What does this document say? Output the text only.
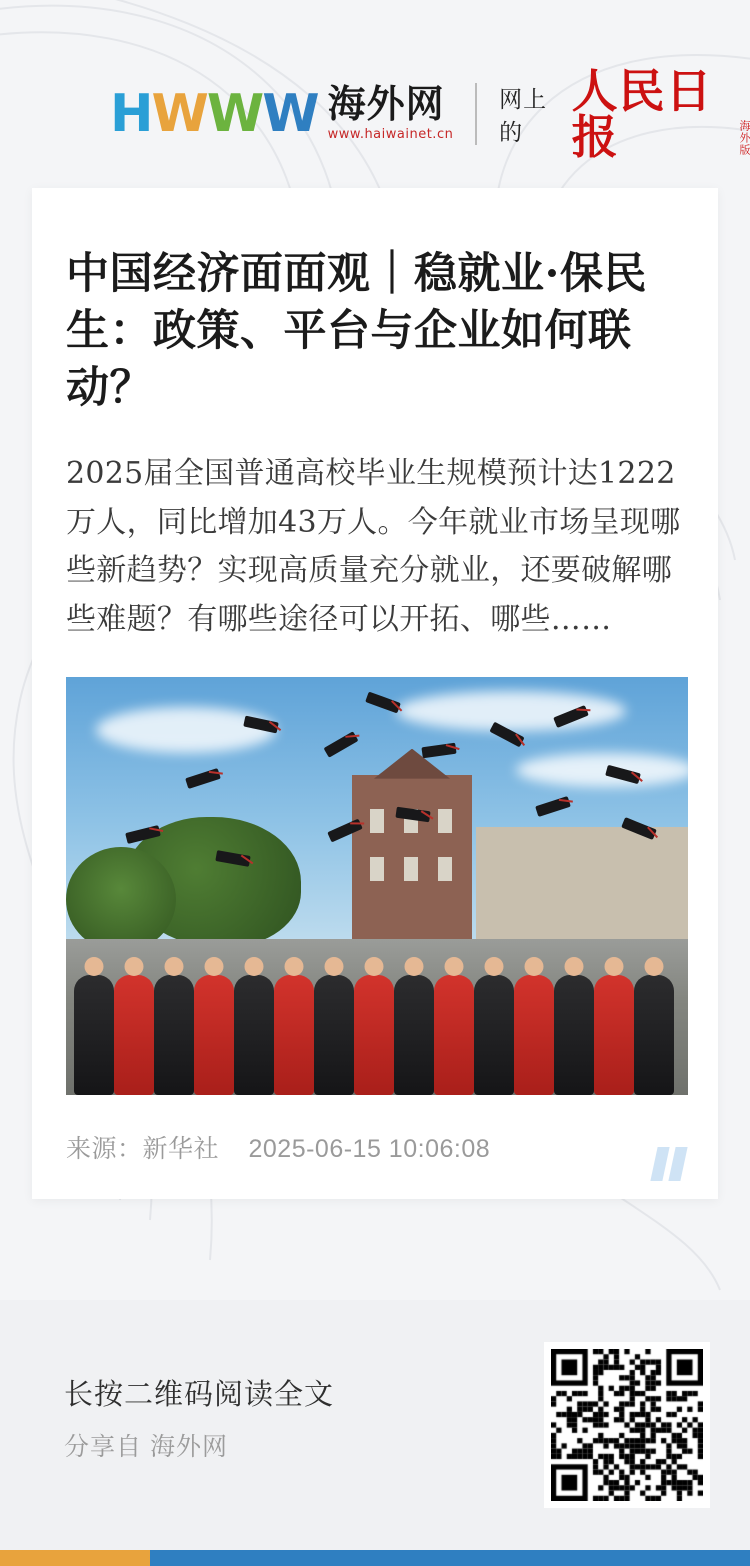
H W W W 海外网
www.haiwainet.cn
网上的
人民日报	海外版
中国经济面面观｜稳就业·保民生：政策、平台与企业如何联动？

2025届全国普通高校毕业生规模预计达1222万人，同比增加43万人。今年就业市场呈现哪些新趋势？实现高质量充分就业，还要破解哪些难题？有哪些途径可以开拓、哪些……

来源：新华社 2025-06-15 10:06:08
长按二维码阅读全文
分享自 海外网
